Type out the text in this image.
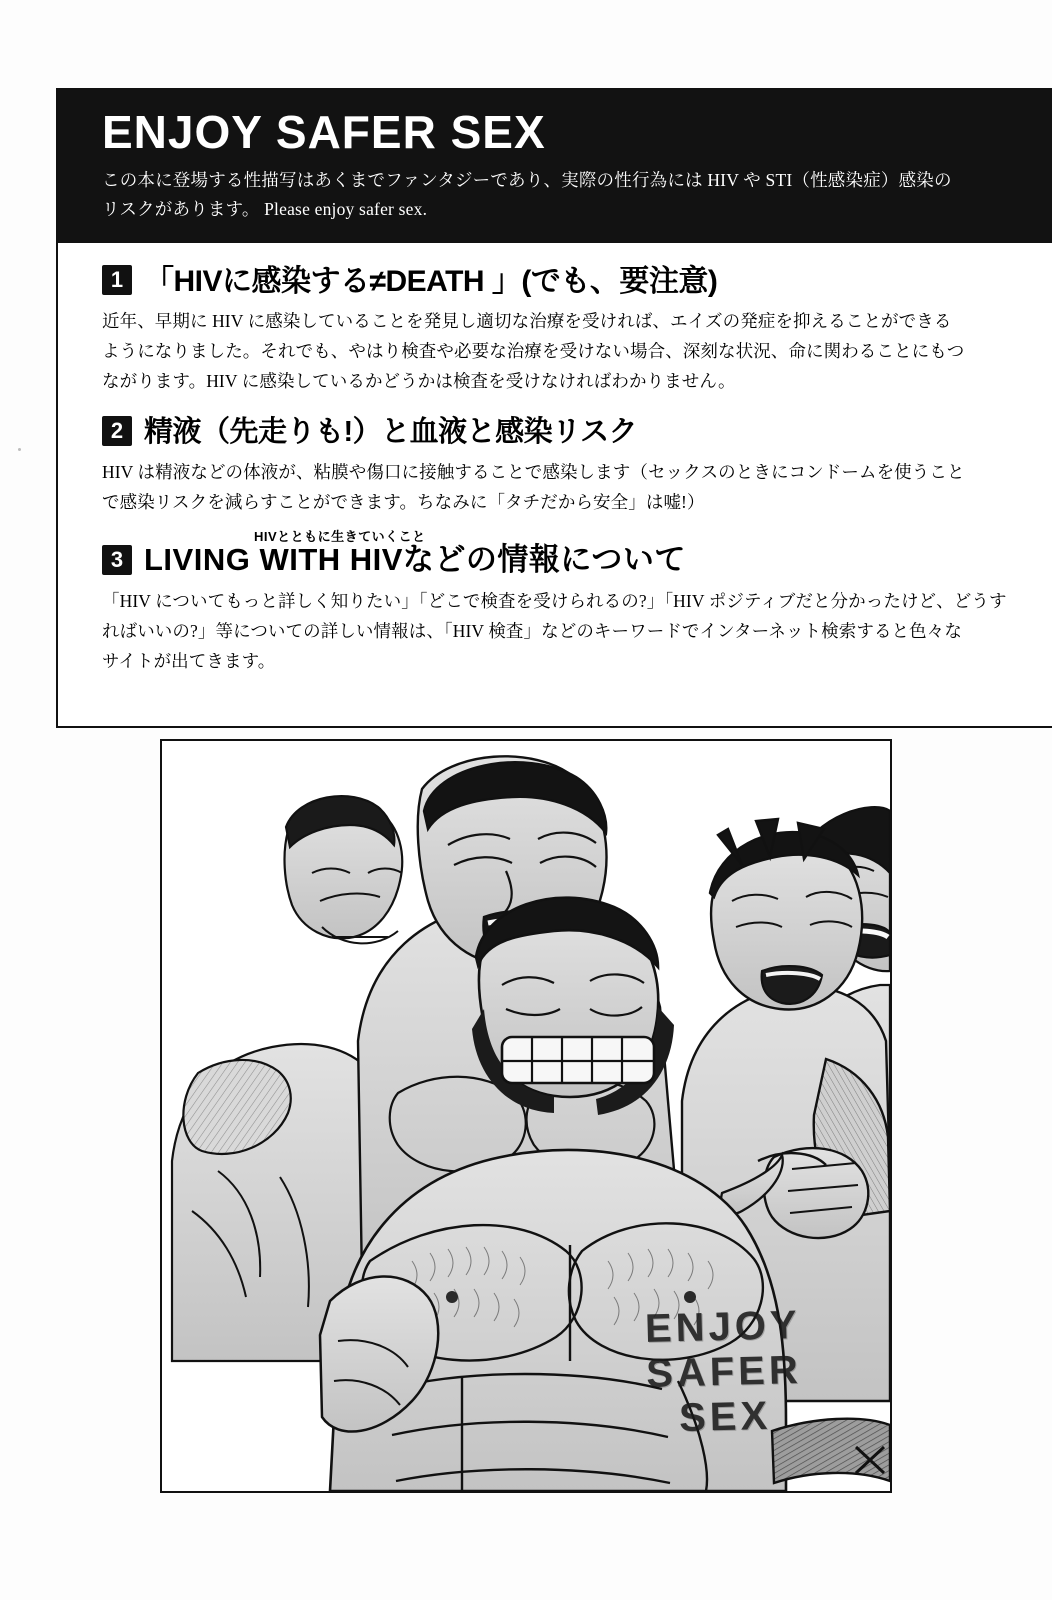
ENJOY SAFER SEX

この本に登場する性描写はあくまでファンタジーであり、実際の性行為には HIV や STI（性感染症）感染の
リスクがあります。 Please enjoy safer sex.

1 「HIVに感染する≠DEATH 」(でも、要注意)

近年、早期に HIV に感染していることを発見し適切な治療を受ければ、エイズの発症を抑えることができる
ようになりました。それでも、やはり検査や必要な治療を受けない場合、深刻な状況、命に関わることにもつ
ながります。HIV に感染しているかどうかは検査を受けなければわかりません。

2 精液（先走りも!）と血液と感染リスク

HIV は精液などの体液が、粘膜や傷口に接触することで感染します（セックスのときにコンドームを使うこと
で感染リスクを減らすことができます。ちなみに「タチだから安全」は嘘!）

3
HIVとともに生きていくこと
LIVING WITH HIVなどの情報について

「HIV についてもっと詳しく知りたい」「どこで検査を受けられるの?」「HIV ポジティブだと分かったけど、どうす
ればいいの?」等についての詳しい情報は、「HIV 検査」などのキーワードでインターネット検索すると色々な
サイトが出てきます。

ENJOY
SAFER
SEX
